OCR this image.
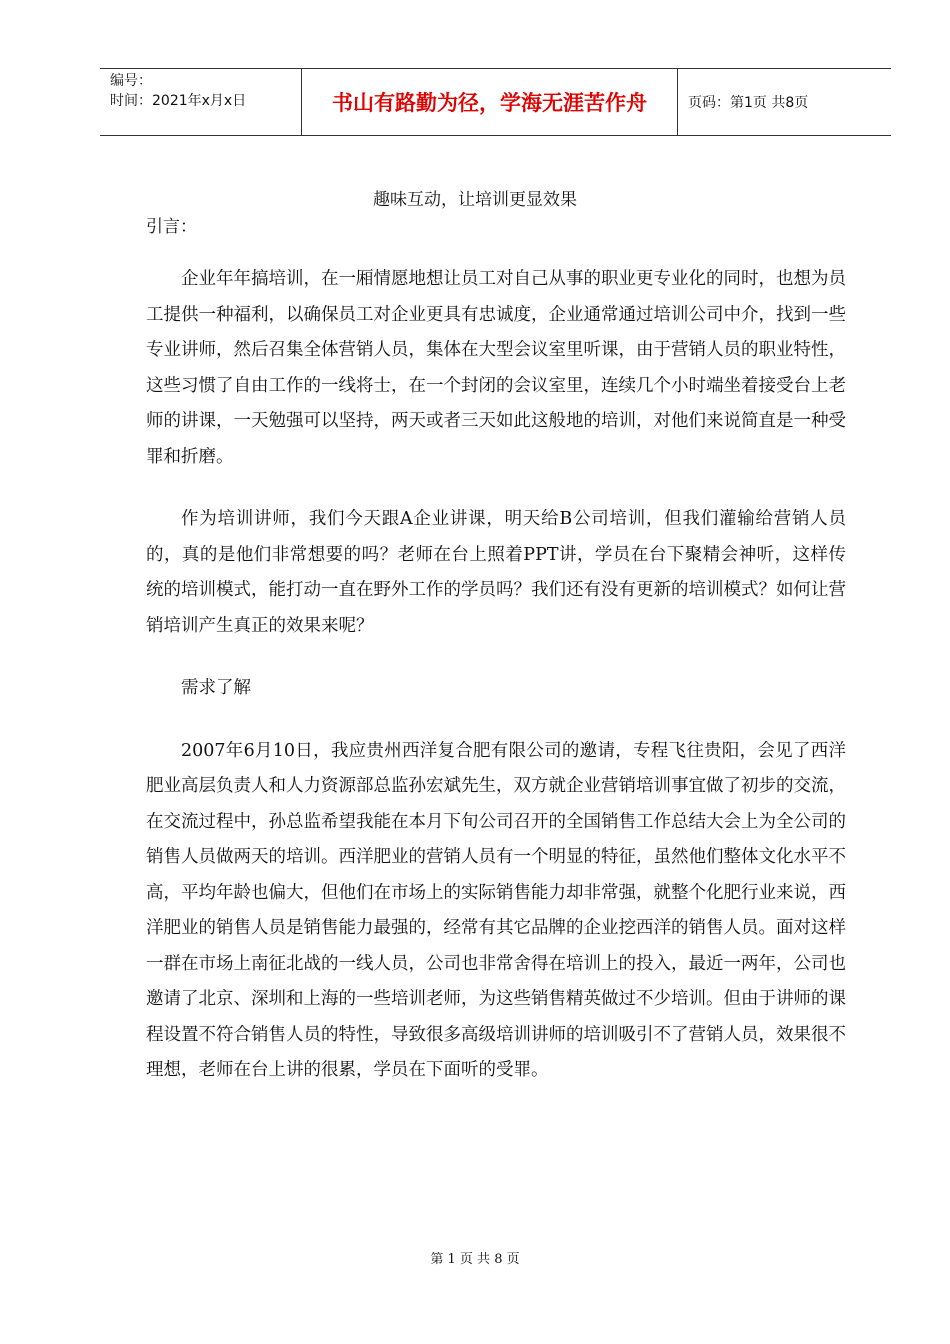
编号：
时间：2021年x月x日	书山有路勤为径，学海无涯苦作舟	页码：第1页 共8页
趣味互动，让培训更显效果
引言：

企业年年搞培训，在一厢情愿地想让员工对自己从事的职业更专业化的同时，也想为员工提供一种福利，以确保员工对企业更具有忠诚度，企业通常通过培训公司中介，找到一些专业讲师，然后召集全体营销人员，集体在大型会议室里听课，由于营销人员的职业特性，这些习惯了自由工作的一线将士，在一个封闭的会议室里，连续几个小时端坐着接受台上老师的讲课，一天勉强可以坚持，两天或者三天如此这般地的培训，对他们来说简直是一种受罪和折磨。

作为培训讲师，我们今天跟A企业讲课，明天给B公司培训，但我们灌输给营销人员的，真的是他们非常想要的吗？老师在台上照着PPT讲，学员在台下聚精会神听，这样传统的培训模式，能打动一直在野外工作的学员吗？我们还有没有更新的培训模式？如何让营销培训产生真正的效果来呢？

需求了解

2007年6月10日，我应贵州西洋复合肥有限公司的邀请，专程飞往贵阳，会见了西洋肥业高层负责人和人力资源部总监孙宏斌先生，双方就企业营销培训事宜做了初步的交流，在交流过程中，孙总监希望我能在本月下旬公司召开的全国销售工作总结大会上为全公司的销售人员做两天的培训。西洋肥业的营销人员有一个明显的特征，虽然他们整体文化水平不高，平均年龄也偏大，但他们在市场上的实际销售能力却非常强，就整个化肥行业来说，西洋肥业的销售人员是销售能力最强的，经常有其它品牌的企业挖西洋的销售人员。面对这样一群在市场上南征北战的一线人员，公司也非常舍得在培训上的投入，最近一两年，公司也邀请了北京、深圳和上海的一些培训老师，为这些销售精英做过不少培训。但由于讲师的课程设置不符合销售人员的特性，导致很多高级培训讲师的培训吸引不了营销人员，效果很不理想，老师在台上讲的很累，学员在下面听的受罪。

第 1 页 共 8 页
